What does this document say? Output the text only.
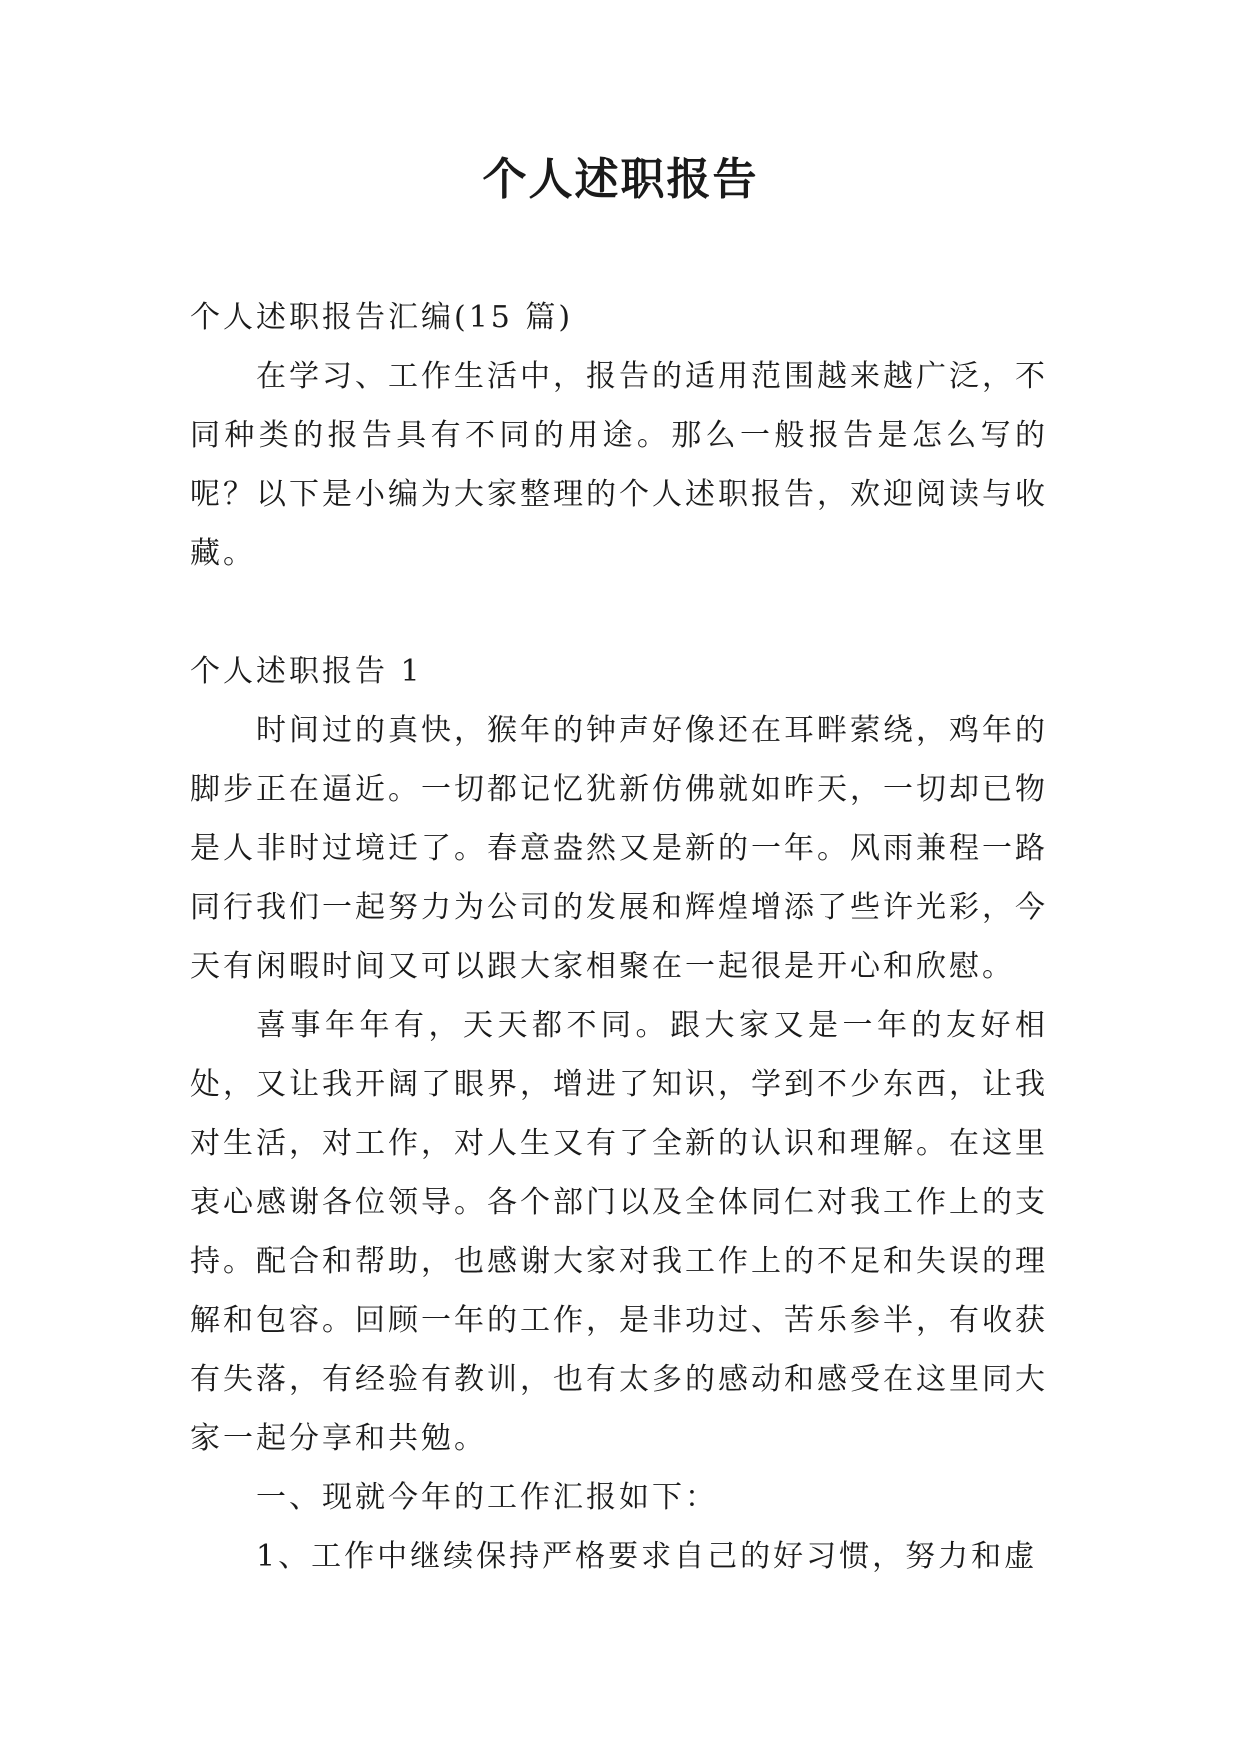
个人述职报告

个人述职报告汇编(15 篇)

在学习、工作生活中，报告的适用范围越来越广泛，不同种类的报告具有不同的用途。那么一般报告是怎么写的呢？以下是小编为大家整理的个人述职报告，欢迎阅读与收藏。

个人述职报告 1

时间过的真快，猴年的钟声好像还在耳畔萦绕，鸡年的脚步正在逼近。一切都记忆犹新仿佛就如昨天，一切却已物是人非时过境迁了。春意盎然又是新的一年。风雨兼程一路同行我们一起努力为公司的发展和辉煌增添了些许光彩，今天有闲暇时间又可以跟大家相聚在一起很是开心和欣慰。

喜事年年有，天天都不同。跟大家又是一年的友好相处，又让我开阔了眼界，增进了知识，学到不少东西，让我对生活，对工作，对人生又有了全新的认识和理解。在这里衷心感谢各位领导。各个部门以及全体同仁对我工作上的支持。配合和帮助，也感谢大家对我工作上的不足和失误的理解和包容。回顾一年的工作，是非功过、苦乐参半，有收获有失落，有经验有教训，也有太多的感动和感受在这里同大家一起分享和共勉。

一、现就今年的工作汇报如下：

1、工作中继续保持严格要求自己的好习惯，努力和虚
